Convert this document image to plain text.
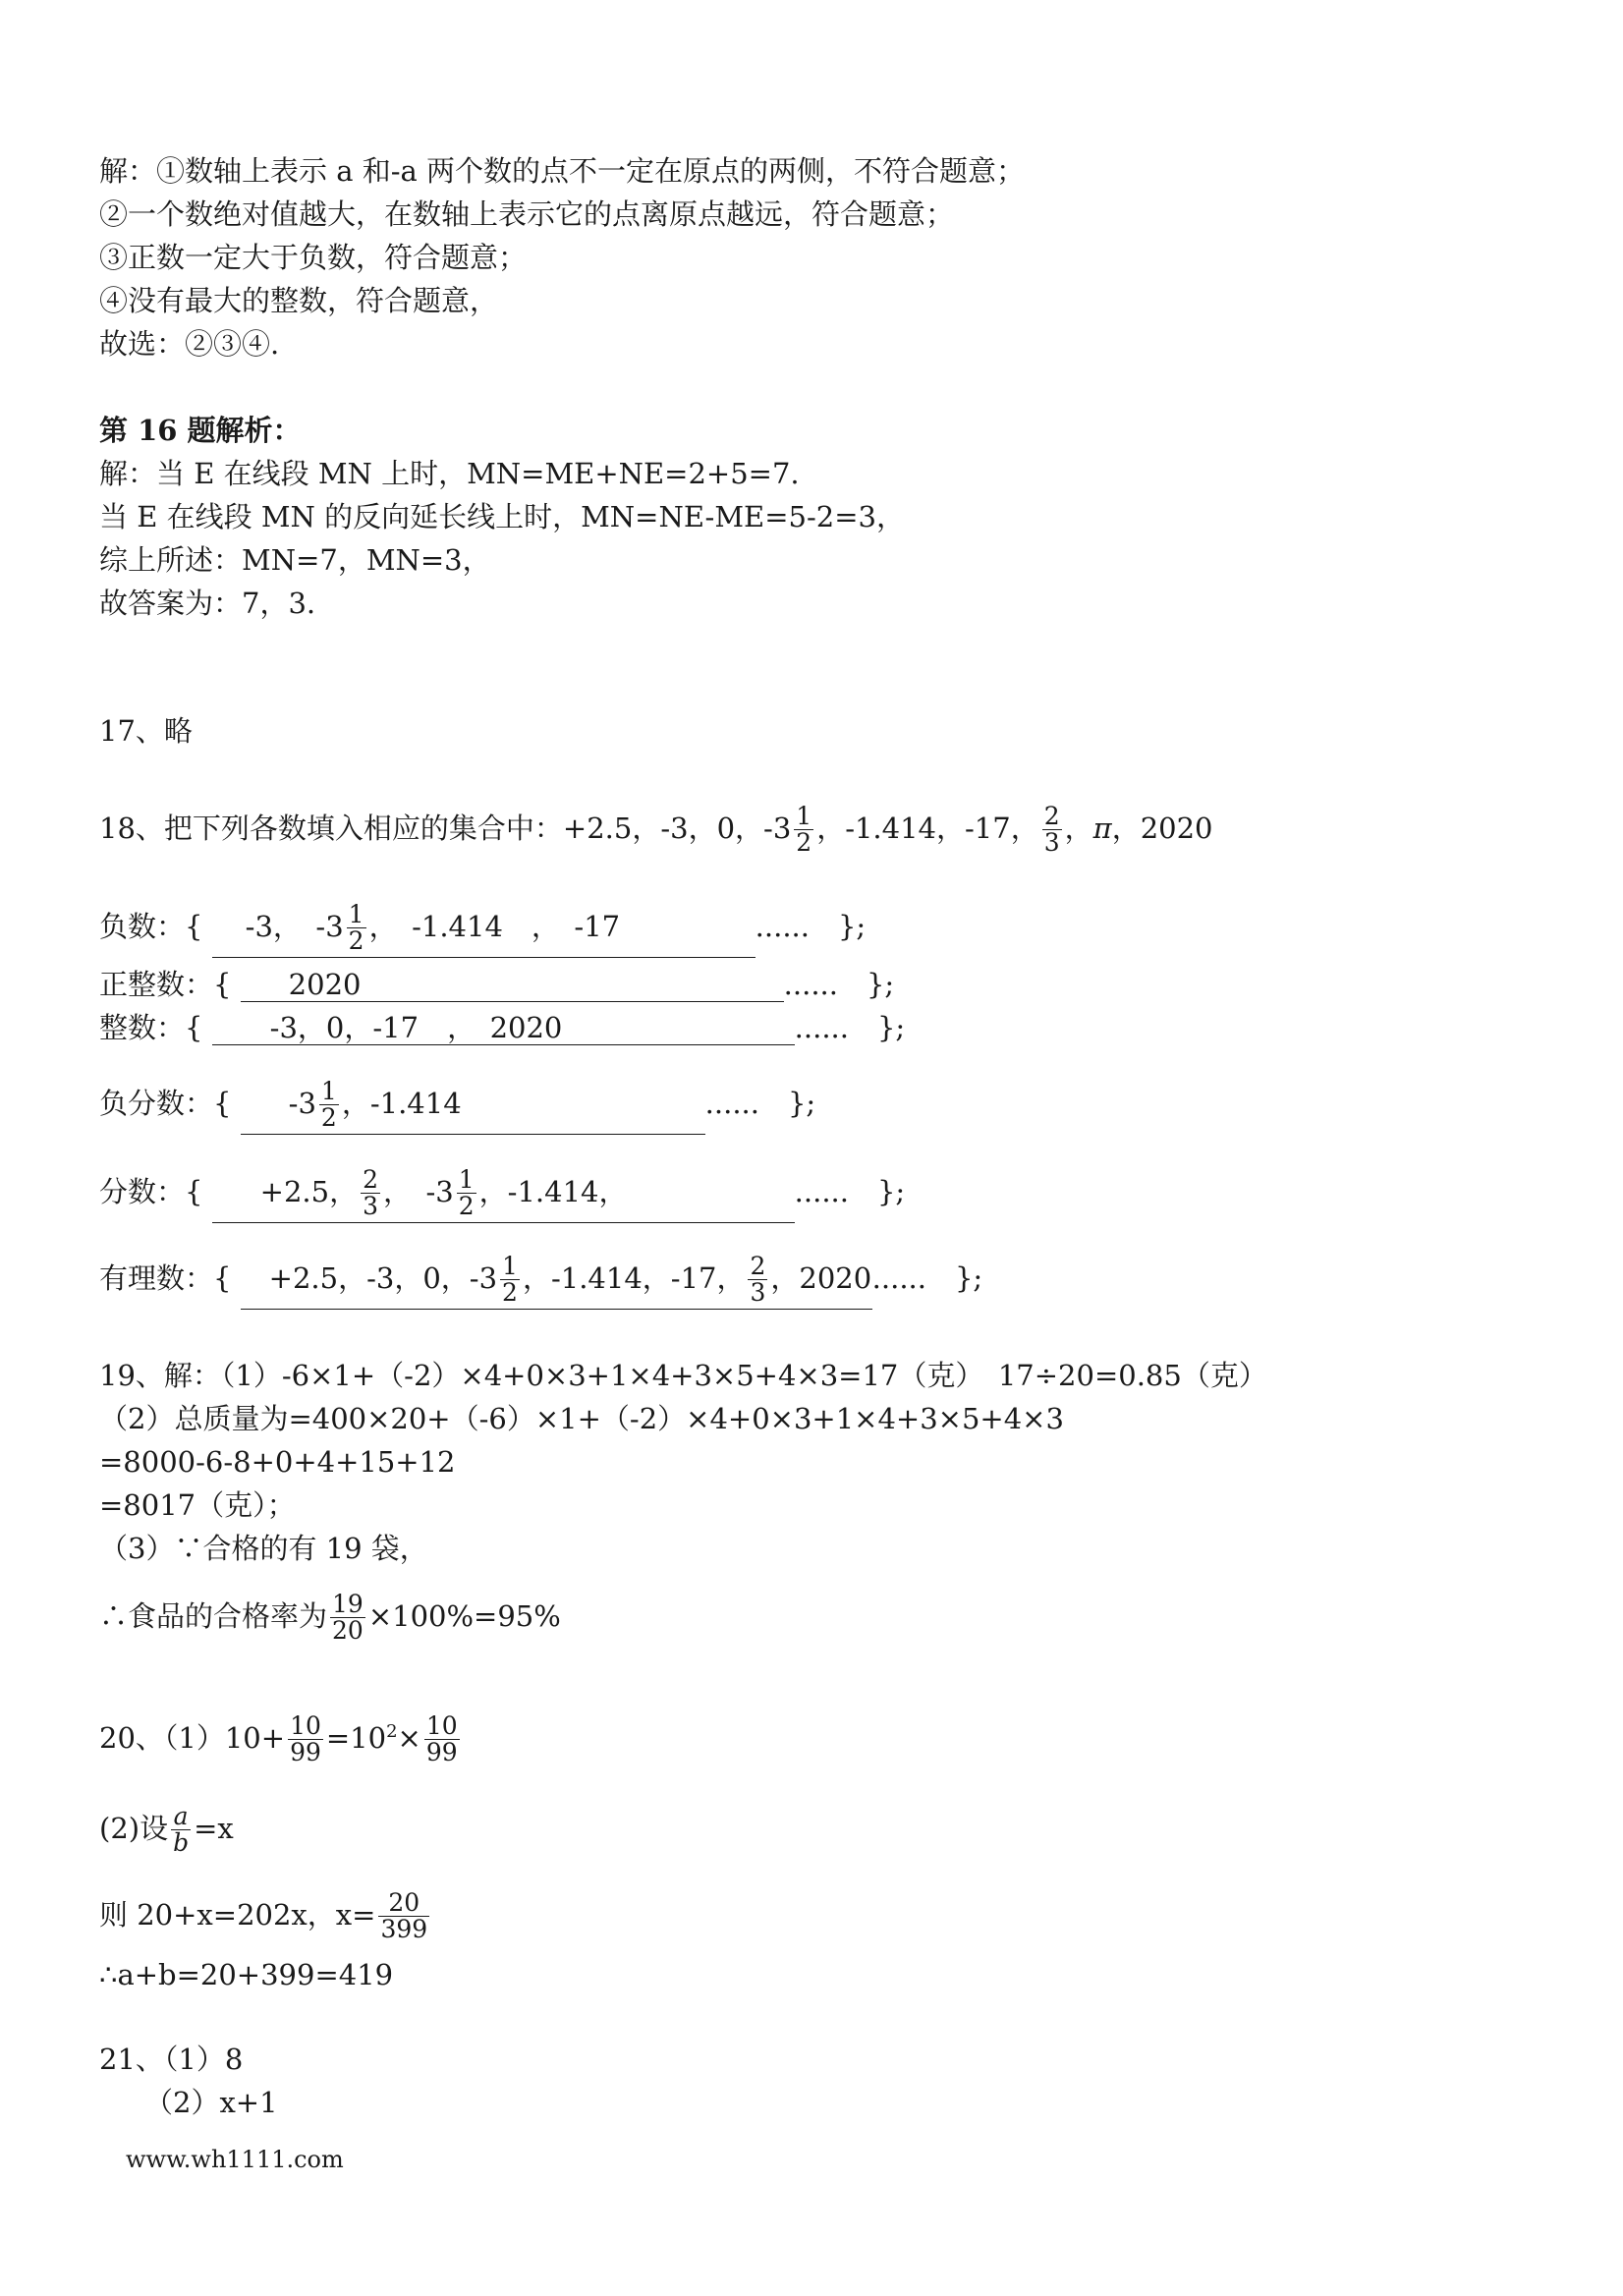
解：①数轴上表示 a 和-a 两个数的点不一定在原点的两侧，不符合题意；
②一个数绝对值越大，在数轴上表示它的点离原点越远，符合题意；
③正数一定大于负数，符合题意；
④没有最大的整数，符合题意，
故选：②③④.
第 16 题解析：
解：当 E 在线段 MN 上时，MN=ME+NE=2+5=7.
当 E 在线段 MN 的反向延长线上时，MN=NE-ME=5-2=3，
综上所述：MN=7，MN=3，
故答案为：7，3.
17、略
18、把下列各数填入相应的集合中：+2.5，-3，0，$-3 \frac{1}{2}$ ，-1.414，-17， $\frac{2}{3}$ ，π，2020
负数：{ -3，　$-3 \frac{1}{2}$ ，　-1.414　，　-17	......　};
正整数：{ 2020	......　};
整数：{ -3，0，-17　，　2020	......　};
负分数：{ $-3 \frac{1}{2}$ ，-1.414	......　};
分数：{ +2.5， $\frac{2}{3}$ ，　$-3 \frac{1}{2}$ ，-1.414，	......　};
有理数：{ +2.5，-3，0，$-3 \frac{1}{2}$ ，-1.414，-17， $\frac{2}{3}$ ，2020......　};
19、解：（1）-6×1+（-2）×4+0×3+1×4+3×5+4×3=17（克）　17÷20=0.85（克）
（2）总质量为=400×20+（-6）×1+（-2）×4+0×3+1×4+3×5+4×3
=8000-6-8+0+4+15+12
=8017（克）；
（3）∵合格的有 19 袋，
∴食品的合格率为 $\frac{19}{20} \times 100\%=95\%$
20、$(1)10+ \frac{10}{99} =10^2\times \frac{10}{99}$
(2)设 $\frac{a}{b} =x$
则 20+x=202x，$x= \frac{20}{399}$
∴a+b=20+399=419
21、（1）8
（2）x+1
www.wh1111.com
